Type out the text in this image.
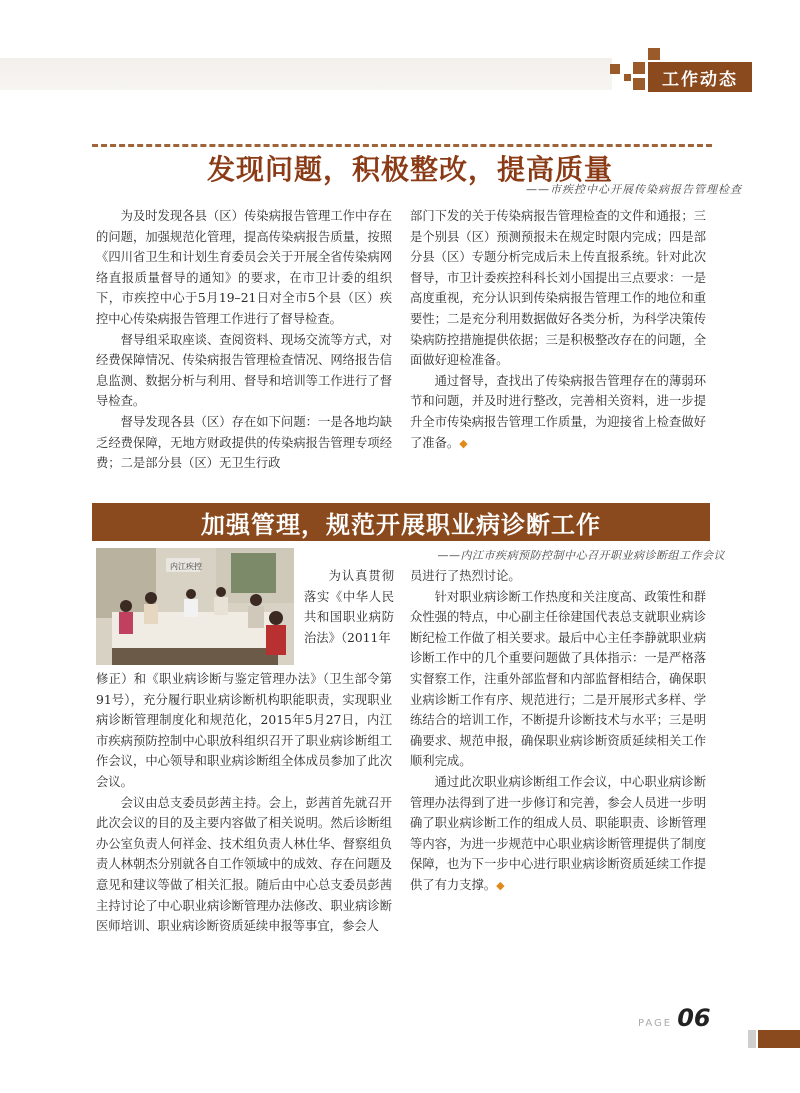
工作动态
发现问题，积极整改，提高质量
——市疾控中心开展传染病报告管理检查

为及时发现各县（区）传染病报告管理工作中存在的问题，加强规范化管理，提高传染病报告质量，按照《四川省卫生和计划生育委员会关于开展全省传染病网络直报质量督导的通知》的要求，在市卫计委的组织下，市疾控中心于5月19–21日对全市5个县（区）疾控中心传染病报告管理工作进行了督导检查。

督导组采取座谈、查阅资料、现场交流等方式，对经费保障情况、传染病报告管理检查情况、网络报告信息监测、数据分析与利用、督导和培训等工作进行了督导检查。

督导发现各县（区）存在如下问题：一是各地均缺乏经费保障，无地方财政提供的传染病报告管理专项经费；二是部分县（区）无卫生行政

部门下发的关于传染病报告管理检查的文件和通报；三是个别县（区）预测预报未在规定时限内完成；四是部分县（区）专题分析完成后未上传直报系统。针对此次督导，市卫计委疾控科科长刘小国提出三点要求：一是高度重视，充分认识到传染病报告管理工作的地位和重要性；二是充分利用数据做好各类分析，为科学决策传染病防控措施提供依据；三是积极整改存在的问题，全面做好迎检准备。

通过督导，查找出了传染病报告管理存在的薄弱环节和问题，并及时进行整改，完善相关资料，进一步提升全市传染病报告管理工作质量，为迎接省上检查做好了准备。◆

加强管理，规范开展职业病诊断工作
——内江市疾病预防控制中心召开职业病诊断组工作会议
内江疾控

为认真贯彻落实《中华人民共和国职业病防治法》（2011年

修正）和《职业病诊断与鉴定管理办法》（卫生部令第91号），充分履行职业病诊断机构职能职责，实现职业病诊断管理制度化和规范化，2015年5月27日，内江市疾病预防控制中心职放科组织召开了职业病诊断组工作会议，中心领导和职业病诊断组全体成员参加了此次会议。

会议由总支委员彭茜主持。会上，彭茜首先就召开此次会议的目的及主要内容做了相关说明。然后诊断组办公室负责人何祥金、技术组负责人林仕华、督察组负责人林朝杰分别就各自工作领域中的成效、存在问题及意见和建议等做了相关汇报。随后由中心总支委员彭茜主持讨论了中心职业病诊断管理办法修改、职业病诊断医师培训、职业病诊断资质延续申报等事宜，参会人

员进行了热烈讨论。

针对职业病诊断工作热度和关注度高、政策性和群众性强的特点，中心副主任徐建国代表总支就职业病诊断纪检工作做了相关要求。最后中心主任李静就职业病诊断工作中的几个重要问题做了具体指示：一是严格落实督察工作，注重外部监督和内部监督相结合，确保职业病诊断工作有序、规范进行；二是开展形式多样、学练结合的培训工作，不断提升诊断技术与水平；三是明确要求、规范申报，确保职业病诊断资质延续相关工作顺利完成。

通过此次职业病诊断组工作会议，中心职业病诊断管理办法得到了进一步修订和完善，参会人员进一步明确了职业病诊断工作的组成人员、职能职责、诊断管理等内容，为进一步规范中心职业病诊断管理提供了制度保障，也为下一步中心进行职业病诊断资质延续工作提供了有力支撑。◆

PAGE 06
